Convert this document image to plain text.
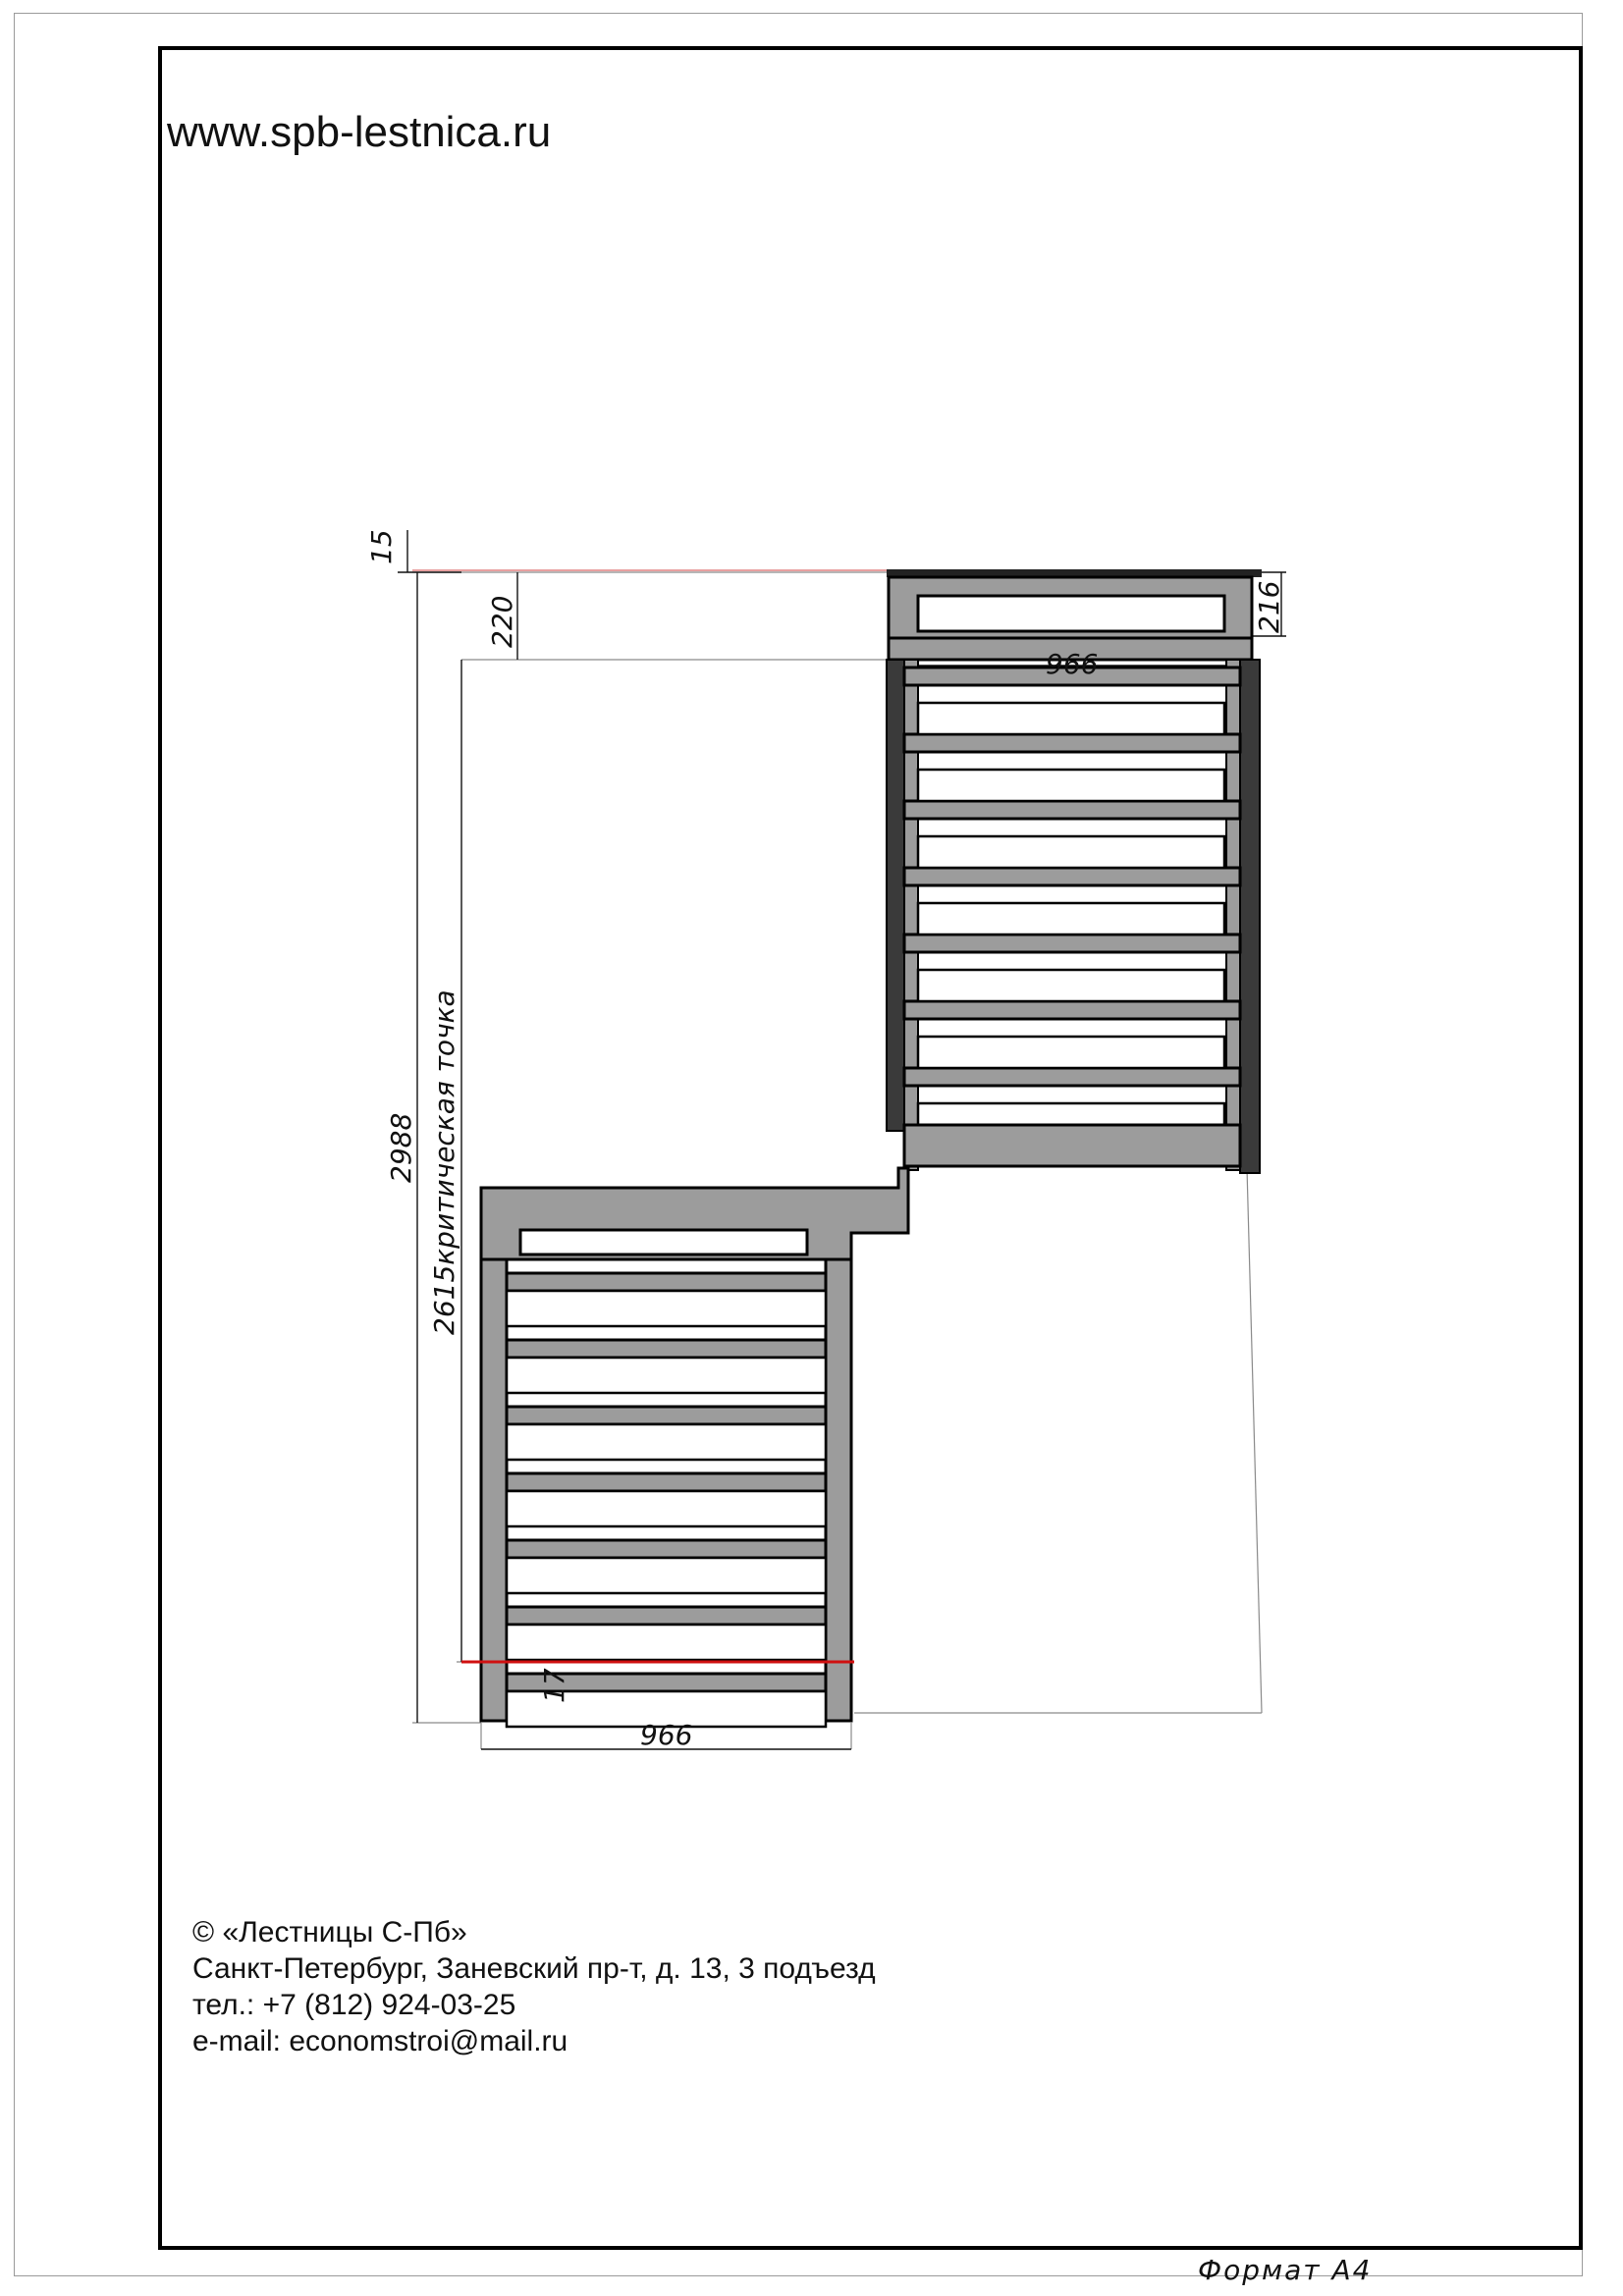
www.spb-lestnica.ru
15
220	216
966
2988 2615критическая точка
17
966
© «Лестницы С-Пб»
Санкт-Петербург, Заневский пр-т, д. 13, 3 подъезд
тел.: +7 (812) 924-03-25
e-mail: economstroi@mail.ru
Формат А4
